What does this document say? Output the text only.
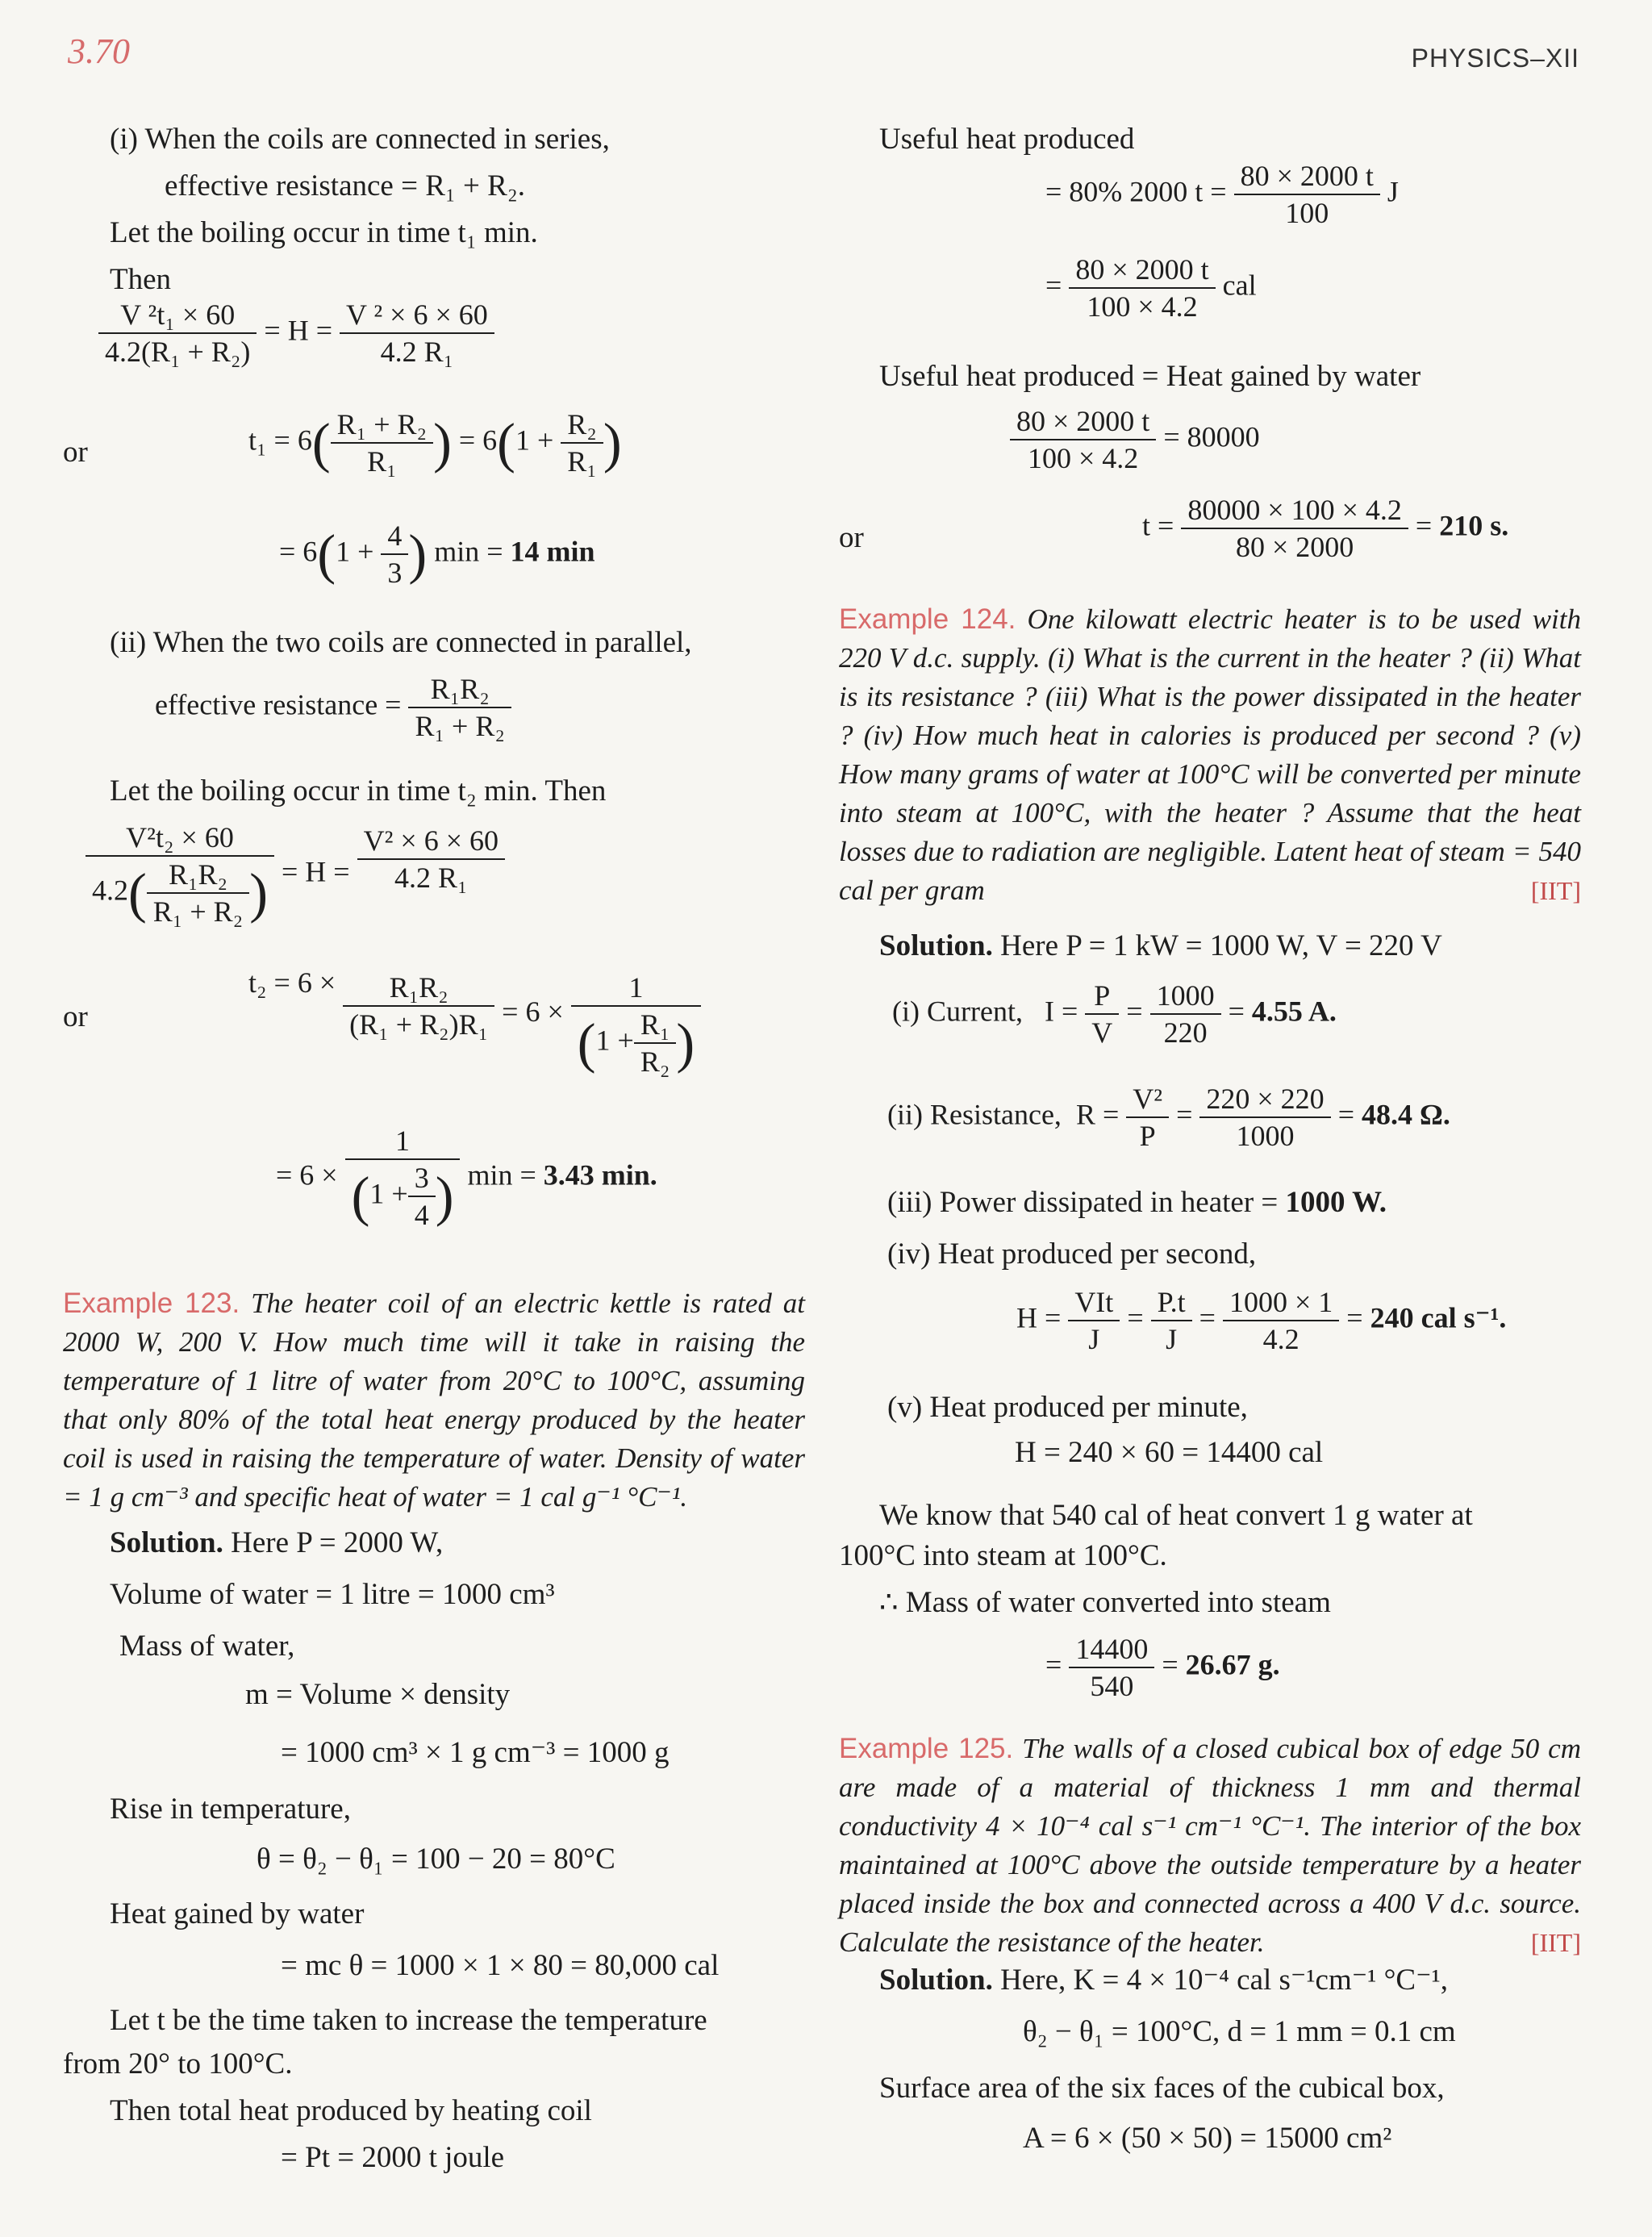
3.70	PHYSICS–XII
(i) When the coils are connected in series,
effective resistance = R₁ + R₂.
Let the boiling occur in time t₁ min.
Then
$\frac{\text{V ²t₁ × 60}}{\text{4.2(R₁ + R₂)}} = H = \frac{\text{V ² × 6 × 60}}{\text{4.2 R₁}}$
or	$t_1 = 6( \frac{\text{R₁ + R₂}}{\text{R₁}}$ ) = $6(1 + \frac{\text{R₂}}{\text{R₁}}$ )
= $6(1 + \frac{4}{3}$ ) min = 14 min
(ii) When the two coils are connected in parallel,
effective resistance = $\frac{\text{R₁R₂}}{\text{R₁ + R₂}}$
Let the boiling occur in time t₂ min. Then
$\frac{\text{V²t₂ × 60}}{4.2( \frac{\text{R₁R₂}}{\text{R₁ + R₂}} )} = H = \frac{\text{V² × 6 × 60}}{\text{4.2 R₁}}$
or
$t_2 = 6 \times \frac{\text{R₁R₂}}{\text{(R₁ + R₂)R₁}} = 6 \times \frac{1}{(1 + \frac{\text{R₁}}{\text{R₂}} )}$
= $6 \times \frac{1}{(1 + \frac{3}{4} )}$ min = 3.43 min.
Example 123. The heater coil of an electric kettle is rated at 2000 W, 200 V. How much time will it take in raising the temperature of 1 litre of water from 20°C to 100°C, assuming that only 80% of the total heat energy produced by the heater coil is used in raising the temperature of water. Density of water = 1 g cm⁻³ and specific heat of water = 1 cal g⁻¹ °C⁻¹.
Solution. Here P = 2000 W,
Volume of water = 1 litre = 1000 cm³
Mass of water,
m = Volume × density
= 1000 cm³ × 1 g cm⁻³ = 1000 g
Rise in temperature,
θ = θ₂ − θ₁ = 100 − 20 = 80°C
Heat gained by water
= mc θ = 1000 × 1 × 80 = 80,000 cal
Let t be the time taken to increase the temperature
from 20° to 100°C.
Then total heat produced by heating coil
= Pt = 2000 t joule
Useful heat produced
= 80% 2000 $t = \frac{80 \times 2000 t}{100}$ J
= $\frac{80 \times 2000 t}{100 \times 4.2}$ cal
Useful heat produced = Heat gained by water
$\frac{80 \times 2000 t}{100 \times 4.2} = 80000$
or	$t = \frac{80000 \times 100 \times 4.2}{80 \times 2000} = 210$ s.
Example 124. One kilowatt electric heater is to be used with 220 V d.c. supply. (i) What is the current in the heater ? (ii) What is its resistance ? (iii) What is the power dissipated in the heater ? (iv) How much heat in calories is produced per second ? (v) How many grams of water at 100°C will be converted per minute into steam at 100°C, with the heater ? Assume that the heat losses due to radiation are negligible. Latent heat of steam = 540 cal per gram	[IIT]
Solution. Here P = 1 kW = 1000 W, V = 220 V
(i) Current, $I = \frac{P}{V} = \frac{1000}{220} = 4.55$ A.
(ii) Resistance, $R = \frac{\text{V²}}{P} = \frac{220 \times 220}{1000} = 48.4$ Ω.
(iii) Power dissipated in heater = 1000 W.
(iv) Heat produced per second,
H = VIt
J
= $\frac{P.t}{J} = \frac{1000 \times 1}{4.2} = 240$ cal s⁻¹.
(v) Heat produced per minute,
H = 240 × 60 = 14400 cal
We know that 540 cal of heat convert 1 g water at
100°C into steam at 100°C.
∴ Mass of water converted into steam
= $\frac{14400}{540} = 26.67$ g.
Example 125. The walls of a closed cubical box of edge 50 cm are made of a material of thickness 1 mm and thermal conductivity 4 × 10⁻⁴ cal s⁻¹ cm⁻¹ °C⁻¹. The interior of the box maintained at 100°C above the outside temperature by a heater placed inside the box and connected across a 400 V d.c. source. Calculate the resistance of the heater.	[IIT]
Solution. Here, K = 4 × 10⁻⁴ cal s⁻¹cm⁻¹ °C⁻¹,
θ₂ − θ₁ = 100°C, d = 1 mm = 0.1 cm
Surface area of the six faces of the cubical box,
A = 6 × (50 × 50) = 15000 cm²
